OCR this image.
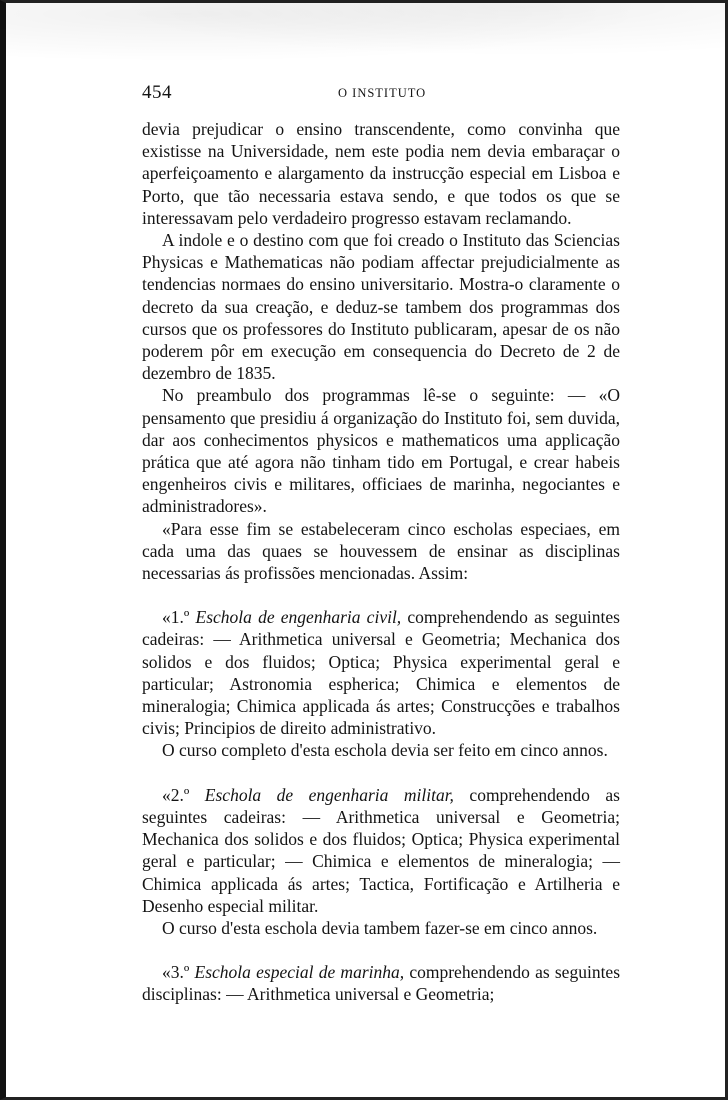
454	O INSTITUTO

devia prejudicar o ensino transcendente, como convinha que existisse na Universidade, nem este podia nem devia embaraçar o aperfeiçoamento e alargamento da instrucção especial em Lisboa e Porto, que tão necessaria estava sendo, e que todos os que se interessavam pelo verdadeiro progresso estavam reclamando.

A indole e o destino com que foi creado o Instituto das Sciencias Physicas e Mathematicas não podiam affectar prejudicialmente as tendencias normaes do ensino universitario. Mostra-o claramente o decreto da sua creação, e deduz-se tambem dos programmas dos cursos que os professores do Instituto publicaram, apesar de os não poderem pôr em execução em consequencia do Decreto de 2 de dezembro de 1835.

No preambulo dos programmas lê-se o seguinte: — «O pensamento que presidiu á organização do Instituto foi, sem duvida, dar aos conhecimentos physicos e mathematicos uma applicação prática que até agora não tinham tido em Portugal, e crear habeis engenheiros civis e militares, officiaes de marinha, negociantes e administradores».

«Para esse fim se estabeleceram cinco escholas especiaes, em cada uma das quaes se houvessem de ensinar as disciplinas necessarias ás profissões mencionadas. Assim:

«1.º Eschola de engenharia civil, comprehendendo as seguintes cadeiras: — Arithmetica universal e Geometria; Mechanica dos solidos e dos fluidos; Optica; Physica experimental geral e particular; Astronomia espherica; Chimica e elementos de mineralogia; Chimica applicada ás artes; Construcções e trabalhos civis; Principios de direito administrativo.

O curso completo d'esta eschola devia ser feito em cinco annos.

«2.º Eschola de engenharia militar, comprehendendo as seguintes cadeiras: — Arithmetica universal e Geometria; Mechanica dos solidos e dos fluidos; Optica; Physica experimental geral e particular; — Chimica e elementos de mineralogia; — Chimica applicada ás artes; Tactica, Fortificação e Artilheria e Desenho especial militar.

O curso d'esta eschola devia tambem fazer-se em cinco annos.

«3.º Eschola especial de marinha, comprehendendo as seguintes disciplinas: — Arithmetica universal e Geometria;
